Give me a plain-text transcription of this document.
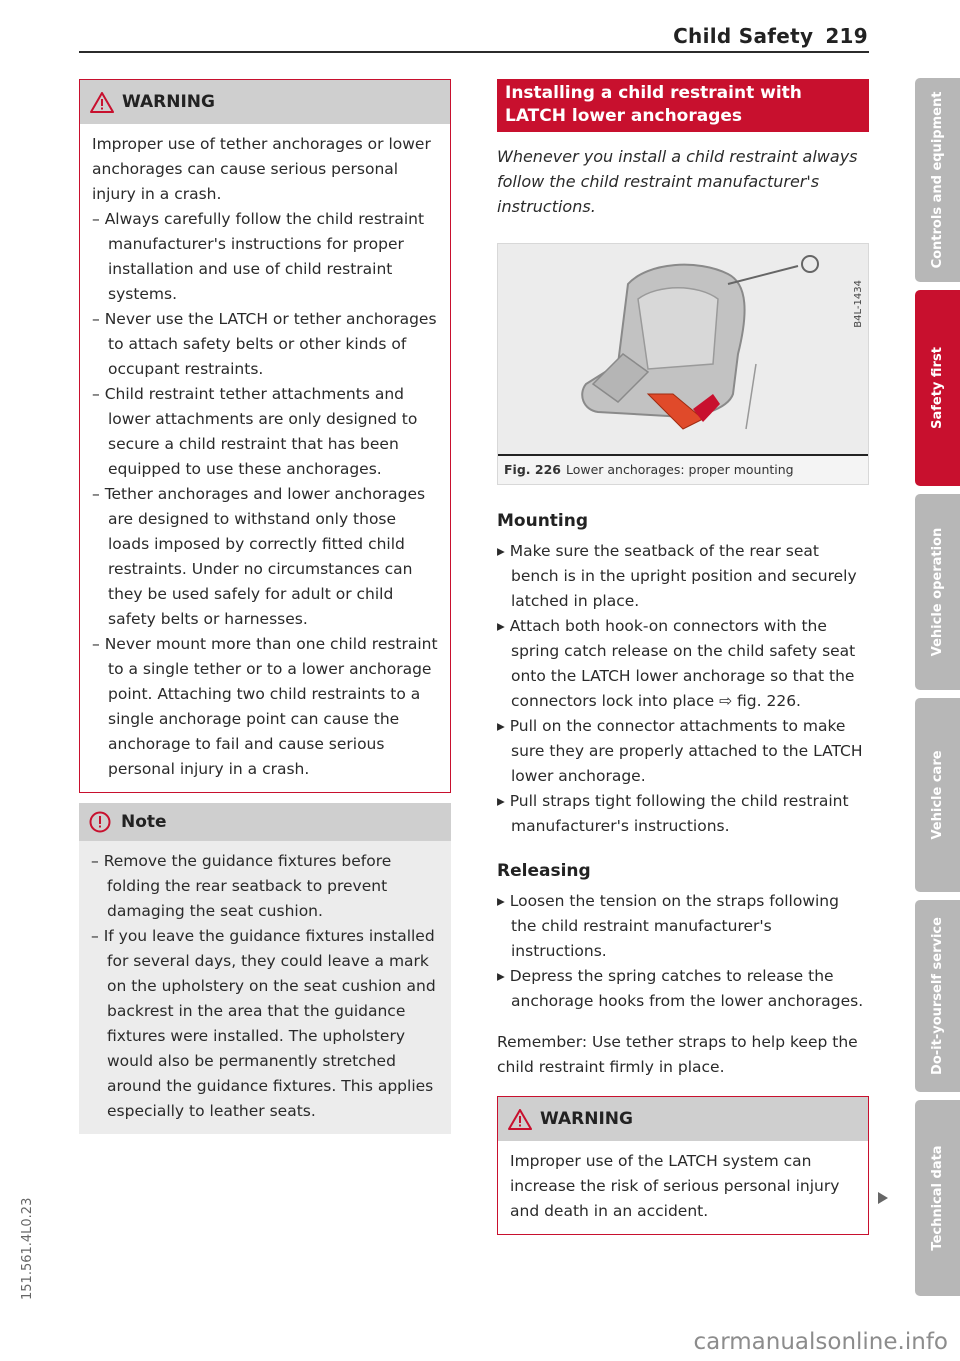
Child Safety 219
WARNING
Improper use of tether anchorages or lower anchorages can cause serious personal injury in a crash.
– Always carefully follow the child restraint manufacturer's instructions for proper installation and use of child restraint systems.
– Never use the LATCH or tether anchorages to attach safety belts or other kinds of occupant restraints.
– Child restraint tether attachments and lower attachments are only designed to secure a child restraint that has been equipped to use these anchorages.
– Tether anchorages and lower anchorages are designed to withstand only those loads imposed by correctly fitted child restraints. Under no circumstances can they be used safely for adult or child safety belts or harnesses.
– Never mount more than one child restraint to a single tether or to a lower anchorage point. Attaching two child restraints to a single anchorage point can cause the anchorage to fail and cause serious personal injury in a crash.
Note
– Remove the guidance fixtures before folding the rear seatback to prevent damaging the seat cushion.
– If you leave the guidance fixtures installed for several days, they could leave a mark on the upholstery on the seat cushion and backrest in the area that the guidance fixtures were installed. The upholstery would also be permanently stretched around the guidance fixtures. This applies especially to leather seats.
Installing a child restraint with LATCH lower anchorages
Whenever you install a child restraint always follow the child restraint manufacturer's instructions.
B4L-1434
Fig. 226 Lower anchorages: proper mounting
Mounting
▸ Make sure the seatback of the rear seat bench is in the upright position and securely latched in place.
▸ Attach both hook-on connectors with the spring catch release on the child safety seat onto the LATCH lower anchorage so that the connectors lock into place ⇨ fig. 226.
▸ Pull on the connector attachments to make sure they are properly attached to the LATCH lower anchorage.
▸ Pull straps tight following the child restraint manufacturer's instructions.
Releasing
▸ Loosen the tension on the straps following the child restraint manufacturer's instructions.
▸ Depress the spring catches to release the anchorage hooks from the lower anchorages.
Remember: Use tether straps to help keep the child restraint firmly in place.
WARNING
Improper use of the LATCH system can increase the risk of serious personal injury and death in an accident.
Controls and equipment
Safety first
Vehicle operation
Vehicle care
Do-it-yourself service
Technical data
151.561.4L0.23
carmanualsonline.info
